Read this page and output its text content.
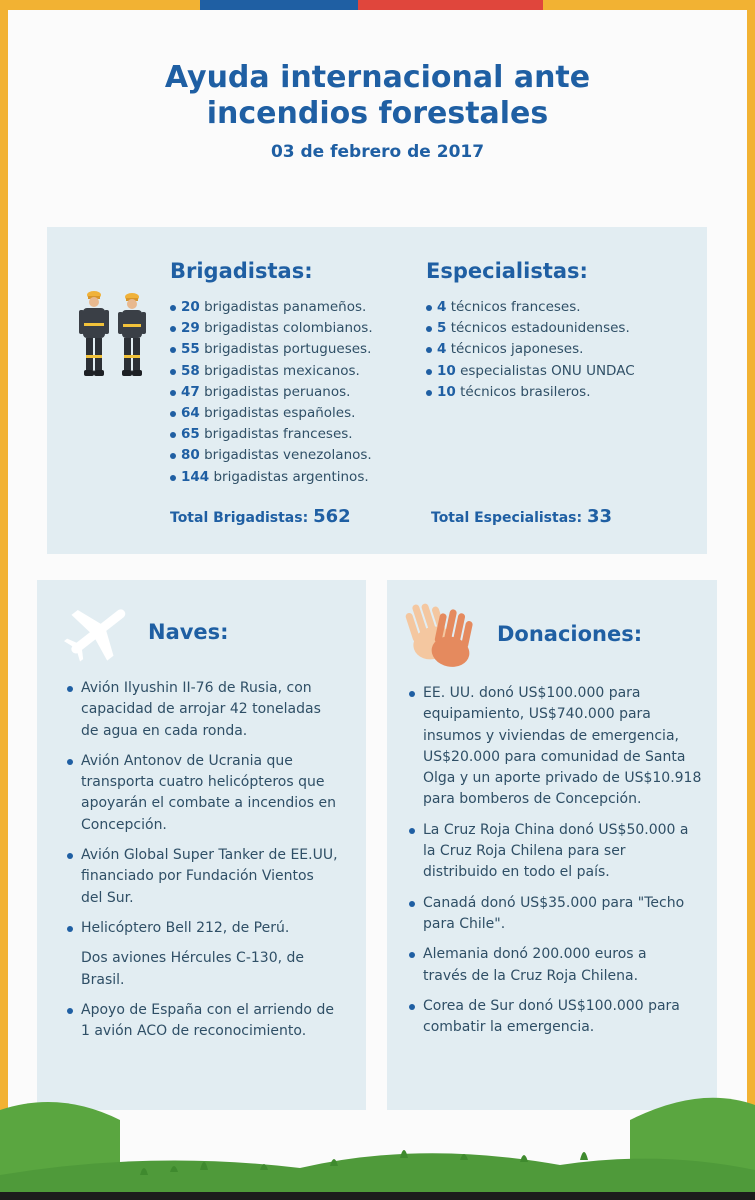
Ayuda internacional ante incendios forestales
03 de febrero de 2017
Brigadistas:
20 brigadistas panameños.
29 brigadistas colombianos.
55 brigadistas portugueses.
58 brigadistas mexicanos.
47 brigadistas peruanos.
64 brigadistas españoles.
65 brigadistas franceses.
80 brigadistas venezolanos.
144 brigadistas argentinos.
Total Brigadistas: 562
Especialistas:
4 técnicos franceses.
5 técnicos estadounidenses.
4 técnicos japoneses.
10 especialistas ONU UNDAC
10 técnicos brasileros.
Total Especialistas: 33
Naves:
Avión Ilyushin II-76 de Rusia, con
capacidad de arrojar 42 toneladas
de agua en cada ronda.
Avión Antonov de Ucrania que
transporta cuatro helicópteros que
apoyarán el combate a incendios en
Concepción.
Avión Global Super Tanker de EE.UU,
financiado por Fundación Vientos
del Sur.
Helicóptero Bell 212, de Perú.
Dos aviones Hércules C-130, de
Brasil.
Apoyo de España con el arriendo de
1 avión ACO de reconocimiento.
Donaciones:
EE. UU. donó US$100.000 para
equipamiento, US$740.000 para
insumos y viviendas de emergencia,
US$20.000 para comunidad de Santa
Olga y un aporte privado de US$10.918
para bomberos de Concepción.
La Cruz Roja China donó US$50.000 a
la Cruz Roja Chilena para ser
distribuido en todo el país.
Canadá donó US$35.000 para "Techo
para Chile".
Alemania donó 200.000 euros a
través de la Cruz Roja Chilena.
Corea de Sur donó US$100.000 para
combatir la emergencia.
